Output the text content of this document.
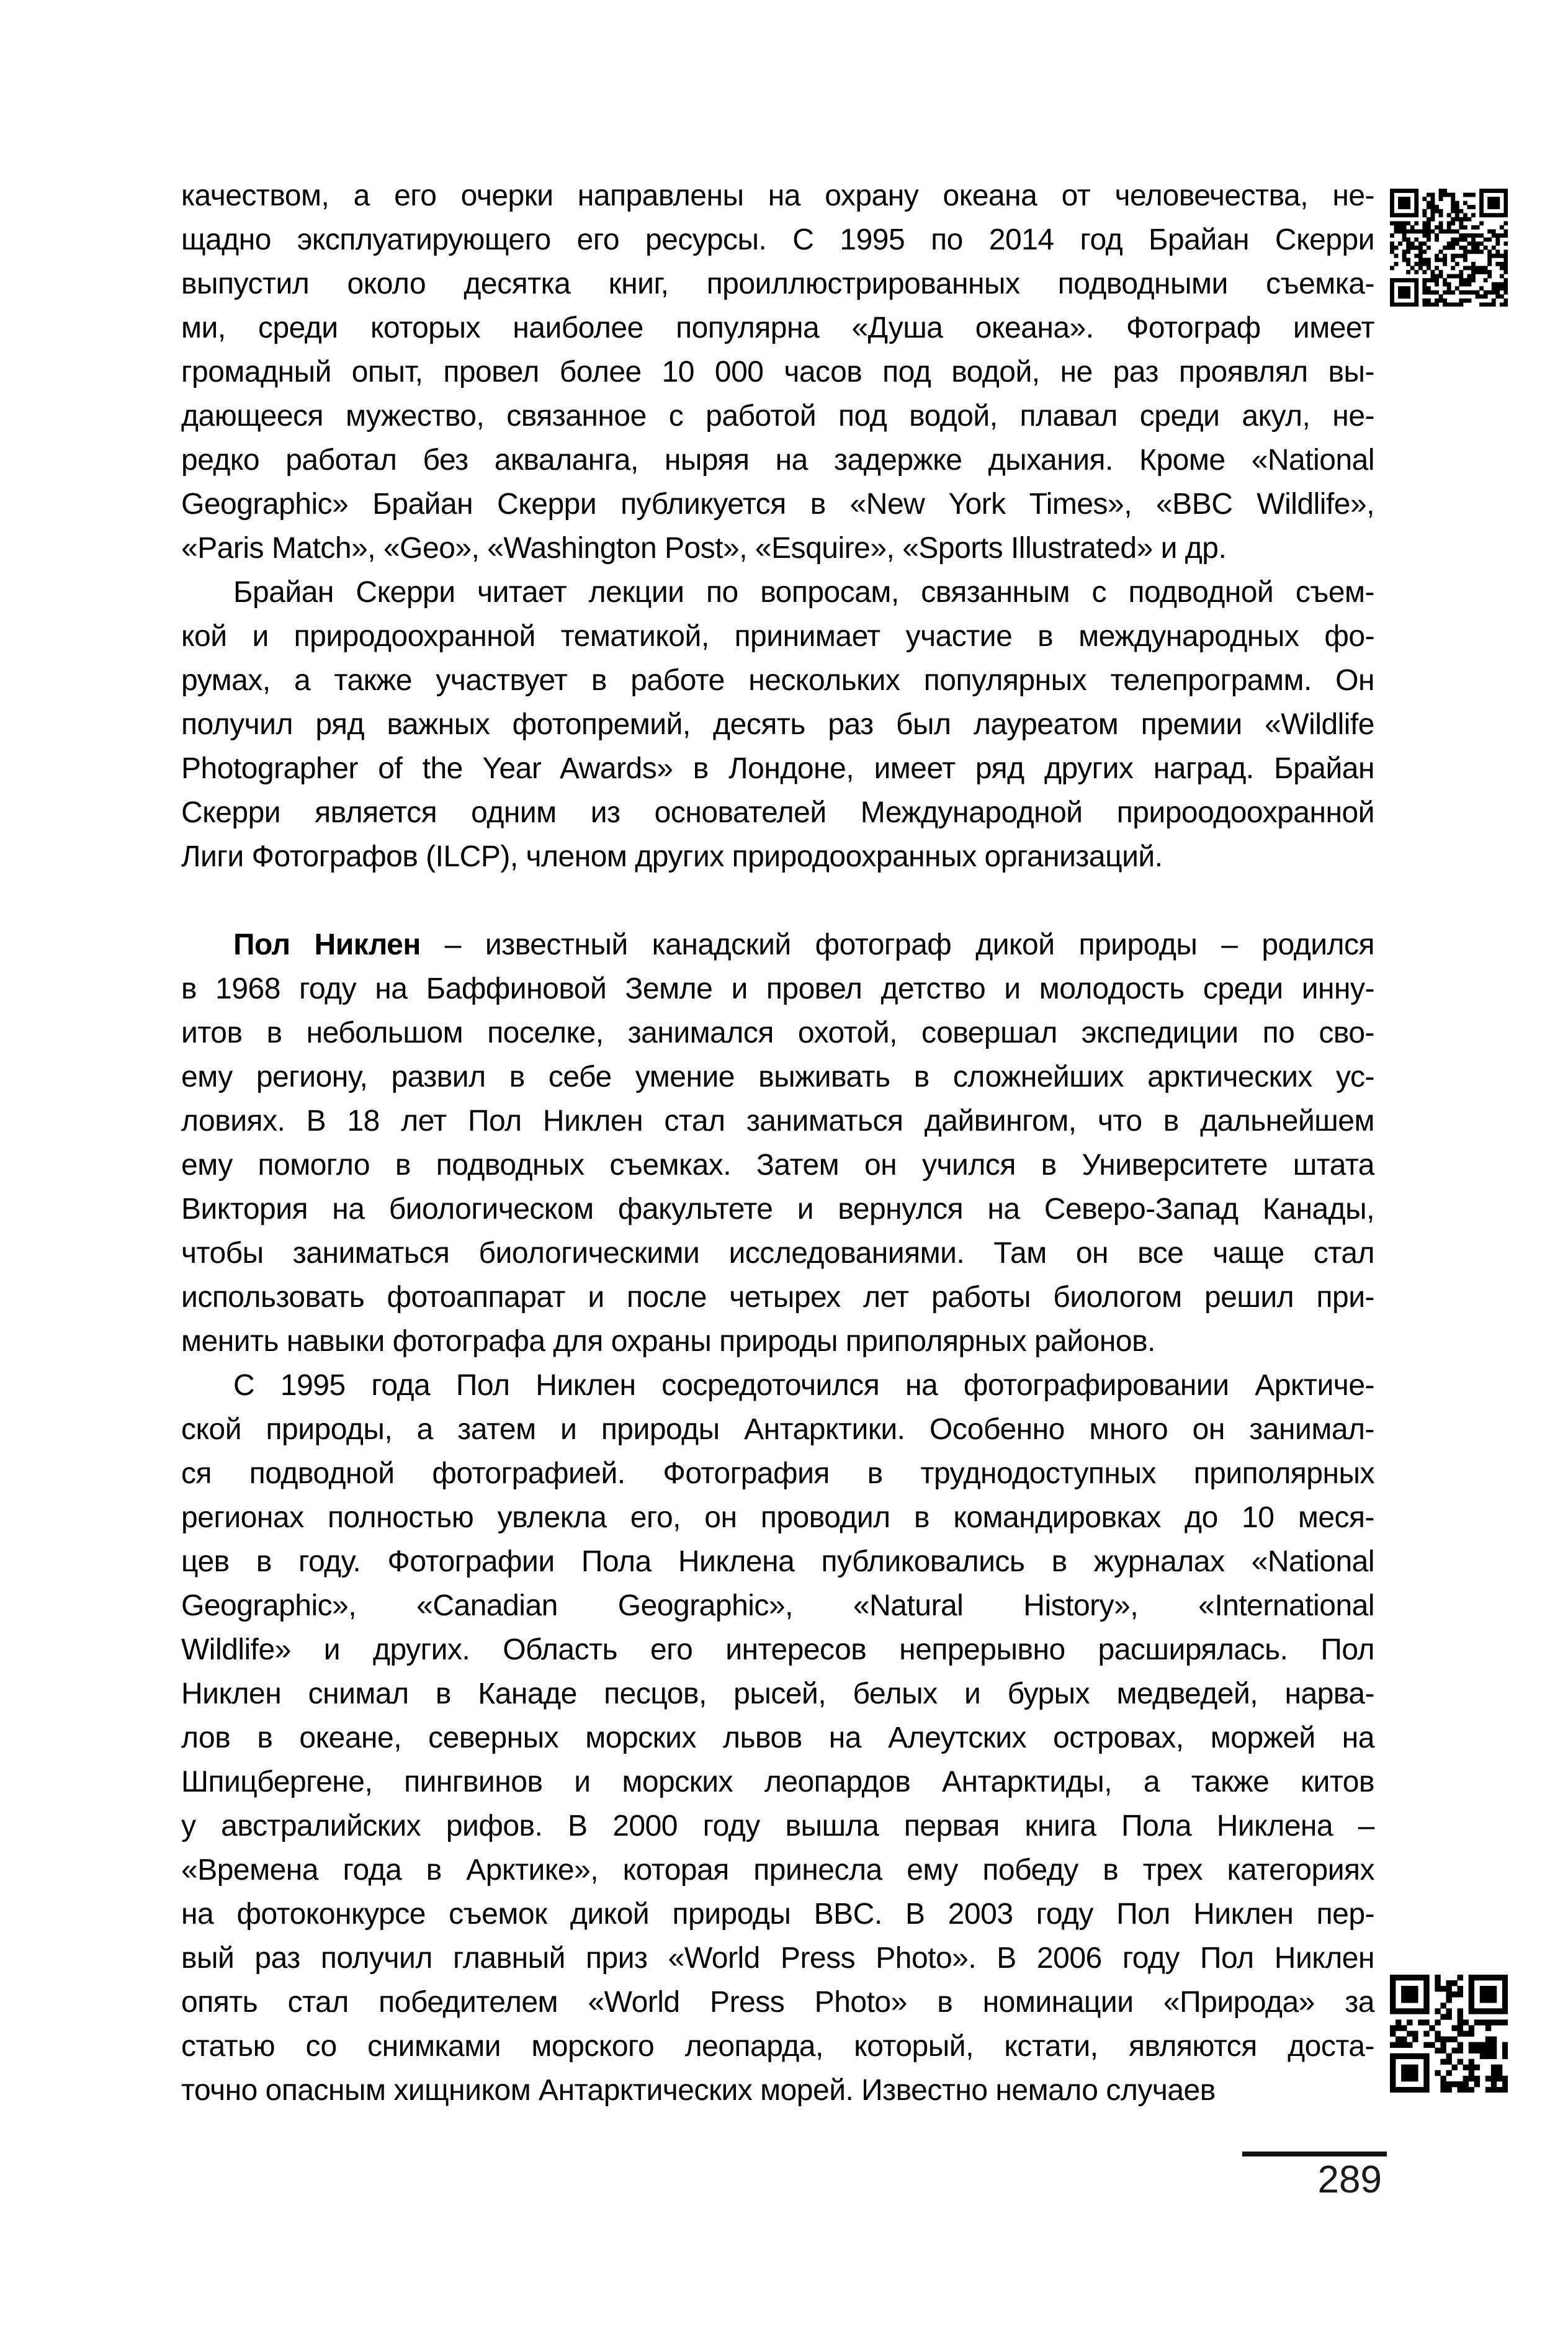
качеством, а его очерки направлены на охрану океана от человечества, не-
щадно эксплуатирующего его ресурсы. С 1995 по 2014 год Брайан Скерри
выпустил около десятка книг, проиллюстрированных подводными съемка-
ми, среди которых наиболее популярна «Душа океана». Фотограф имеет
громадный опыт, провел более 10 000 часов под водой, не раз проявлял вы-
дающееся мужество, связанное с работой под водой, плавал среди акул, не-
редко работал без акваланга, ныряя на задержке дыхания. Кроме «National
Geographic» Брайан Скерри публикуется в «New York Times», «BBC Wildlife»,
«Paris Match», «Geo», «Washington Post», «Esquire», «Sports Illustrated» и др.
Брайан Скерри читает лекции по вопросам, связанным с подводной съем-
кой и природоохранной тематикой, принимает участие в международных фо-
румах, а также участвует в работе нескольких популярных телепрограмм. Он
получил ряд важных фотопремий, десять раз был лауреатом премии «Wildlife
Photographer of the Year Awards» в Лондоне, имеет ряд других наград. Брайан
Скерри является одним из основателей Международной прироодоохранной
Лиги Фотографов (ILCP), членом других природоохранных организаций.
Пол Никлен – известный канадский фотограф дикой природы – родился
в 1968 году на Баффиновой Земле и провел детство и молодость среди инну-
итов в небольшом поселке, занимался охотой, совершал экспедиции по сво-
ему региону, развил в себе умение выживать в сложнейших арктических ус-
ловиях. В 18 лет Пол Никлен стал заниматься дайвингом, что в дальнейшем
ему помогло в подводных съемках. Затем он учился в Университете штата
Виктория на биологическом факультете и вернулся на Северо-Запад Канады,
чтобы заниматься биологическими исследованиями. Там он все чаще стал
использовать фотоаппарат и после четырех лет работы биологом решил при-
менить навыки фотографа для охраны природы приполярных районов.
С 1995 года Пол Никлен сосредоточился на фотографировании Арктиче-
ской природы, а затем и природы Антарктики. Особенно много он занимал-
ся подводной фотографией. Фотография в труднодоступных приполярных
регионах полностью увлекла его, он проводил в командировках до 10 меся-
цев в году. Фотографии Пола Никлена публиковались в журналах «National
Geographic», «Canadian Geographic», «Natural History», «International
Wildlife» и других. Область его интересов непрерывно расширялась. Пол
Никлен снимал в Канаде песцов, рысей, белых и бурых медведей, нарва-
лов в океане, северных морских львов на Алеутских островах, моржей на
Шпицбергене, пингвинов и морских леопардов Антарктиды, а также китов
у австралийских рифов. В 2000 году вышла первая книга Пола Никлена –
«Времена года в Арктике», которая принесла ему победу в трех категориях
на фотоконкурсе съемок дикой природы BBC. В 2003 году Пол Никлен пер-
вый раз получил главный приз «World Press Photo». В 2006 году Пол Никлен
опять стал победителем «World Press Photo» в номинации «Природа» за
статью со снимками морского леопарда, который, кстати, являются доста-
точно опасным хищником Антарктических морей. Известно немало случаев
289
